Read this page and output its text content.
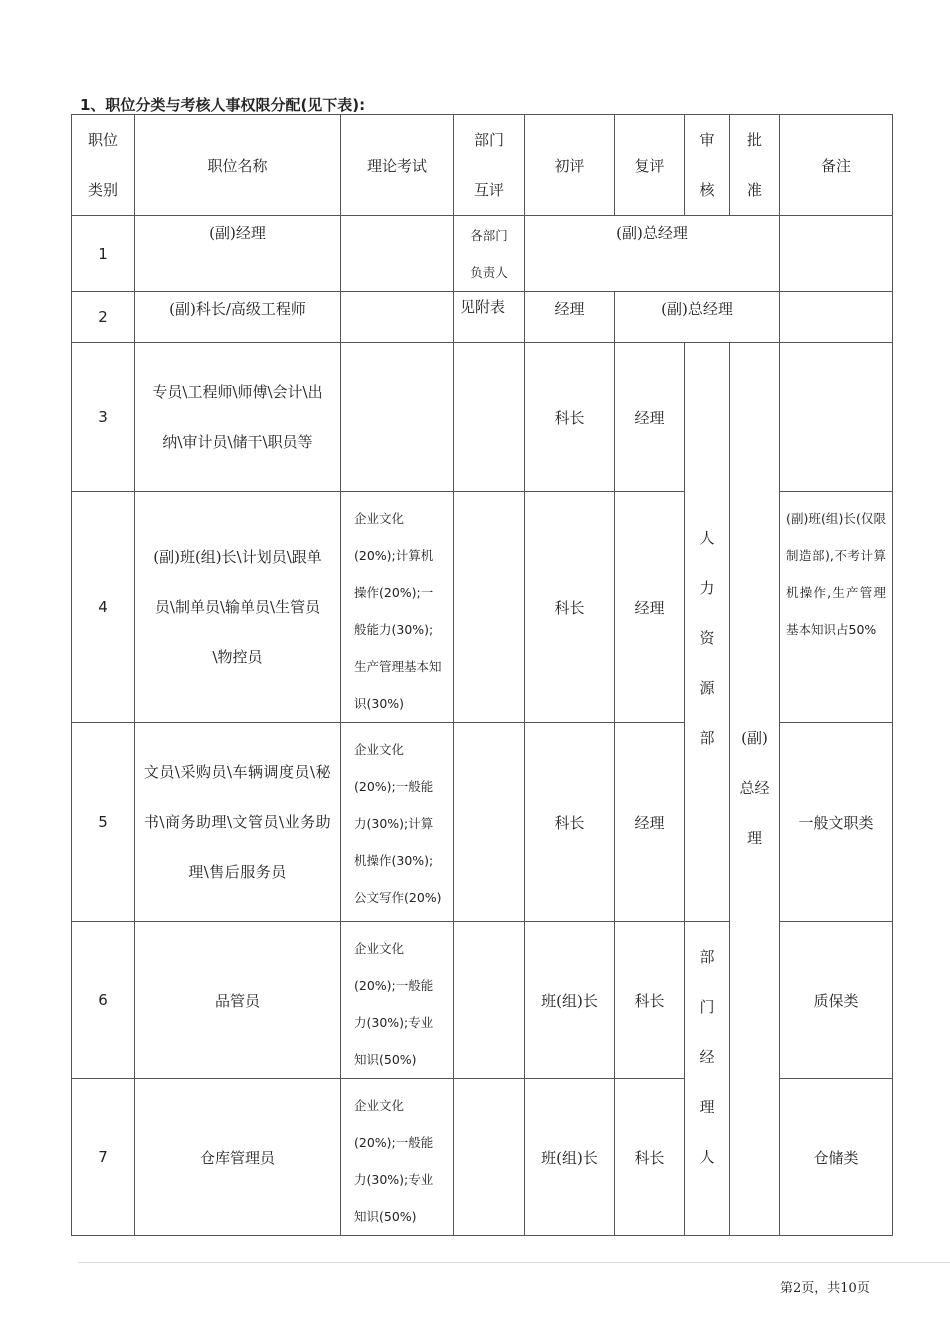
1、职位分类与考核人事权限分配(见下表):
职位类别	职位名称	理论考试	部门互评	初评	复评	审核	批准	备注
1	(副)经理		各部门负责人	(副)总经理				
2	(副)科长/高级工程师		见附表	经理	(副)总经理			
3	专员\工程师\师傅\会计\出纳\审计员\储干\职员等			科长	经理	人力资源部	(副)总经理	

4	(副)班(组)长\计划员\跟单员\制单员\输单员\生管员\物控员	企业文化(20%);计算机操作(20%);一般能力(30%);生产管理基本知识(30%)		科长	经理			(副)班(组)长(仅限制造部),不考计算机操作,生产管理基本知识占50%
5	文员\采购员\车辆调度员\秘书\商务助理\文管员\业务助理\售后服务员	企业文化(20%);一般能力(30%);计算机操作(30%);公文写作(20%)		科长	经理			一般文职类
6	品管员	企业文化(20%);一般能力(30%);专业知识(50%)		班(组)长	科长	部门经理人		质保类
7	仓库管理员	企业文化(20%);一般能力(30%);专业知识(50%)		班(组)长	科长			仓储类
第2页，共10页
